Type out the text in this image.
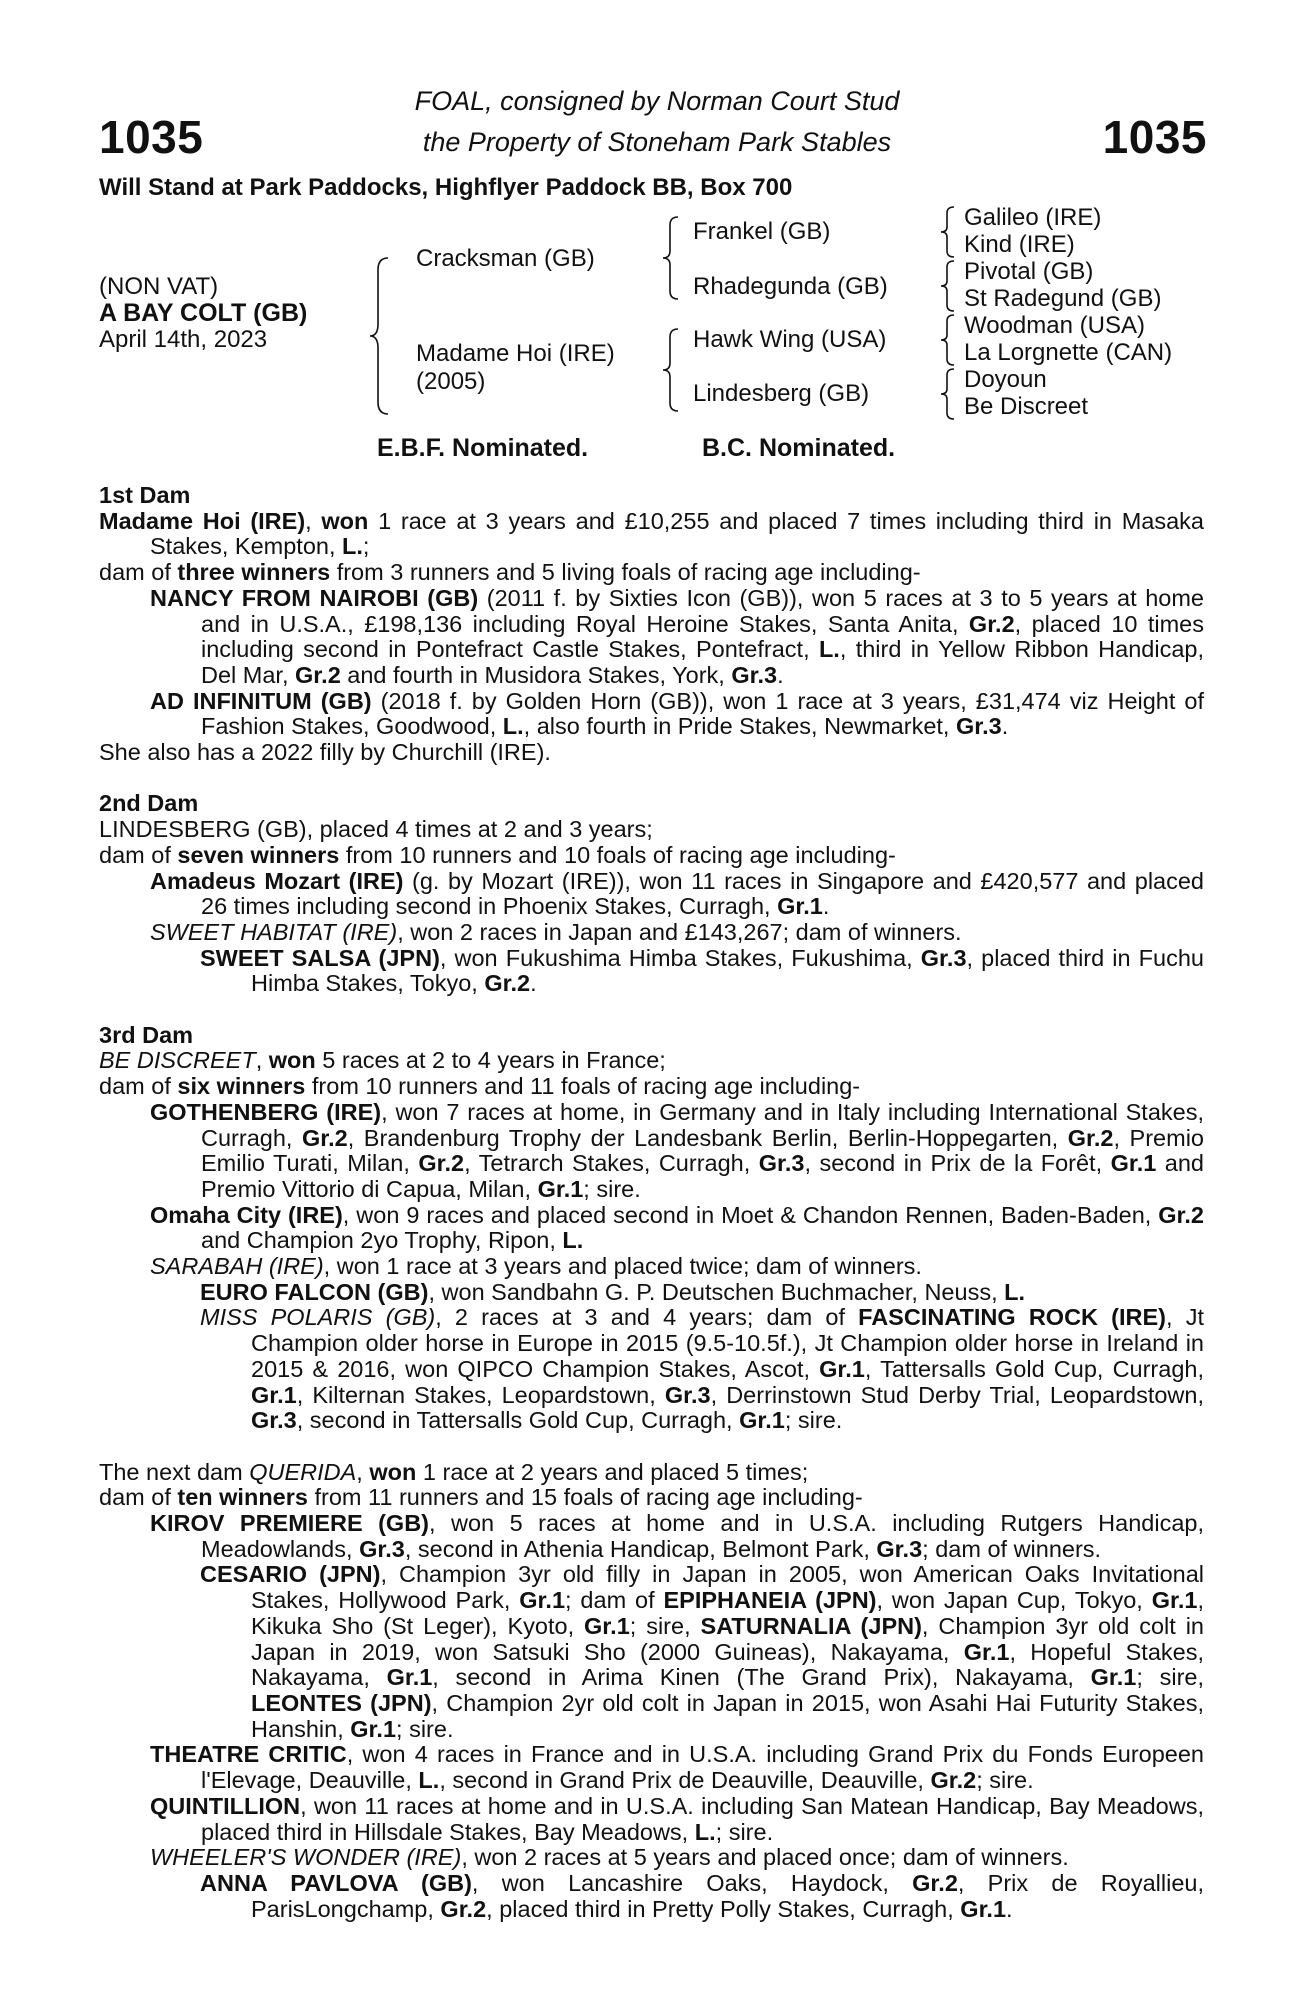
FOAL, consigned by Norman Court Stud
the Property of Stoneham Park Stables
1035	1035
Will Stand at Park Paddocks, Highflyer Paddock BB, Box 700
(NON VAT)
A BAY COLT (GB)
April 14th, 2023
Cracksman (GB)
Madame Hoi (IRE)
(2005)
Frankel (GB)
Rhadegunda (GB)
Hawk Wing (USA)
Lindesberg (GB)
Galileo (IRE)
Kind (IRE)
Pivotal (GB)
St Radegund (GB)
Woodman (USA)
La Lorgnette (CAN)
Doyoun
Be Discreet
E.B.F. Nominated.	B.C. Nominated.
1st Dam
Madame Hoi (IRE), won 1 race at 3 years and £10,255 and placed 7 times including third in Masaka Stakes, Kempton, L.;
dam of three winners from 3 runners and 5 living foals of racing age including-
NANCY FROM NAIROBI (GB) (2011 f. by Sixties Icon (GB)), won 5 races at 3 to 5 years at home and in U.S.A., £198,136 including Royal Heroine Stakes, Santa Anita, Gr.2, placed 10 times including second in Pontefract Castle Stakes, Pontefract, L., third in Yellow Ribbon Handicap, Del Mar, Gr.2 and fourth in Musidora Stakes, York, Gr.3.
AD INFINITUM (GB) (2018 f. by Golden Horn (GB)), won 1 race at 3 years, £31,474 viz Height of Fashion Stakes, Goodwood, L., also fourth in Pride Stakes, Newmarket, Gr.3.
She also has a 2022 filly by Churchill (IRE).
2nd Dam
LINDESBERG (GB), placed 4 times at 2 and 3 years;
dam of seven winners from 10 runners and 10 foals of racing age including-
Amadeus Mozart (IRE) (g. by Mozart (IRE)), won 11 races in Singapore and £420,577 and placed 26 times including second in Phoenix Stakes, Curragh, Gr.1.
SWEET HABITAT (IRE), won 2 races in Japan and £143,267; dam of winners.
SWEET SALSA (JPN), won Fukushima Himba Stakes, Fukushima, Gr.3, placed third in Fuchu Himba Stakes, Tokyo, Gr.2.
3rd Dam
BE DISCREET, won 5 races at 2 to 4 years in France;
dam of six winners from 10 runners and 11 foals of racing age including-
GOTHENBERG (IRE), won 7 races at home, in Germany and in Italy including International Stakes, Curragh, Gr.2, Brandenburg Trophy der Landesbank Berlin, Berlin-Hoppegarten, Gr.2, Premio Emilio Turati, Milan, Gr.2, Tetrarch Stakes, Curragh, Gr.3, second in Prix de la Forêt, Gr.1 and Premio Vittorio di Capua, Milan, Gr.1; sire.
Omaha City (IRE), won 9 races and placed second in Moet & Chandon Rennen, Baden-Baden, Gr.2 and Champion 2yo Trophy, Ripon, L.
SARABAH (IRE), won 1 race at 3 years and placed twice; dam of winners.
EURO FALCON (GB), won Sandbahn G. P. Deutschen Buchmacher, Neuss, L.
MISS POLARIS (GB), 2 races at 3 and 4 years; dam of FASCINATING ROCK (IRE), Jt Champion older horse in Europe in 2015 (9.5-10.5f.), Jt Champion older horse in Ireland in 2015 & 2016, won QIPCO Champion Stakes, Ascot, Gr.1, Tattersalls Gold Cup, Curragh, Gr.1, Kilternan Stakes, Leopardstown, Gr.3, Derrinstown Stud Derby Trial, Leopardstown, Gr.3, second in Tattersalls Gold Cup, Curragh, Gr.1; sire.
The next dam QUERIDA, won 1 race at 2 years and placed 5 times;
dam of ten winners from 11 runners and 15 foals of racing age including-
KIROV PREMIERE (GB), won 5 races at home and in U.S.A. including Rutgers Handicap, Meadowlands, Gr.3, second in Athenia Handicap, Belmont Park, Gr.3; dam of winners.
CESARIO (JPN), Champion 3yr old filly in Japan in 2005, won American Oaks Invitational Stakes, Hollywood Park, Gr.1; dam of EPIPHANEIA (JPN), won Japan Cup, Tokyo, Gr.1, Kikuka Sho (St Leger), Kyoto, Gr.1; sire, SATURNALIA (JPN), Champion 3yr old colt in Japan in 2019, won Satsuki Sho (2000 Guineas), Nakayama, Gr.1, Hopeful Stakes, Nakayama, Gr.1, second in Arima Kinen (The Grand Prix), Nakayama, Gr.1; sire, LEONTES (JPN), Champion 2yr old colt in Japan in 2015, won Asahi Hai Futurity Stakes, Hanshin, Gr.1; sire.
THEATRE CRITIC, won 4 races in France and in U.S.A. including Grand Prix du Fonds Europeen l'Elevage, Deauville, L., second in Grand Prix de Deauville, Deauville, Gr.2; sire.
QUINTILLION, won 11 races at home and in U.S.A. including San Matean Handicap, Bay Meadows, placed third in Hillsdale Stakes, Bay Meadows, L.; sire.
WHEELER'S WONDER (IRE), won 2 races at 5 years and placed once; dam of winners.
ANNA PAVLOVA (GB), won Lancashire Oaks, Haydock, Gr.2, Prix de Royallieu, ParisLongchamp, Gr.2, placed third in Pretty Polly Stakes, Curragh, Gr.1.
